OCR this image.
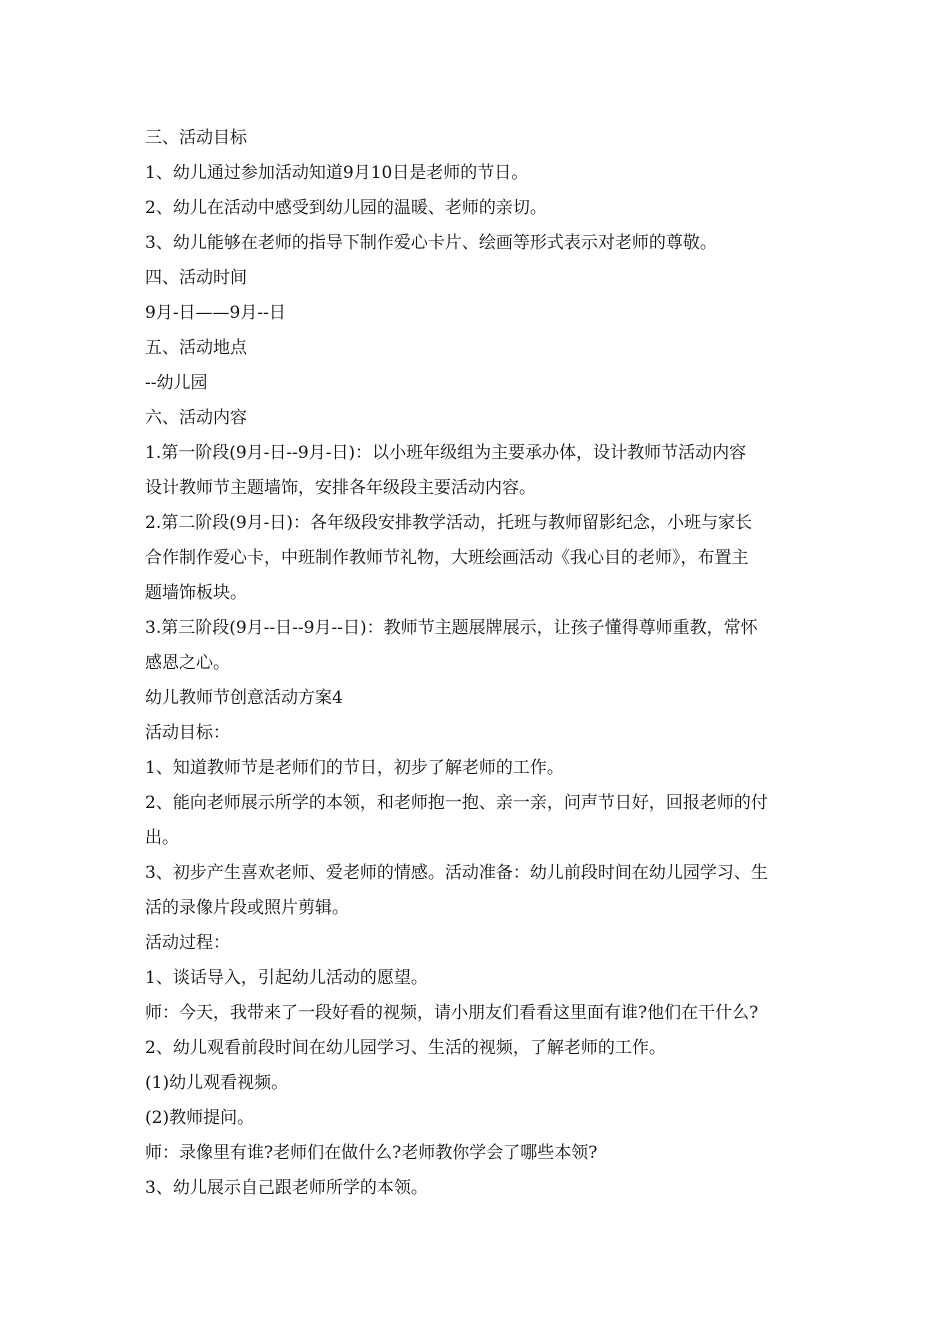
三、活动目标
1、幼儿通过参加活动知道9月10日是老师的节日。
2、幼儿在活动中感受到幼儿园的温暖、老师的亲切。
3、幼儿能够在老师的指导下制作爱心卡片、绘画等形式表示对老师的尊敬。
四、活动时间
9月-日——9月--日
五、活动地点
--幼儿园
六、活动内容
1.第一阶段(9月-日--9月-日)：以小班年级组为主要承办体，设计教师节活动内容
设计教师节主题墙饰，安排各年级段主要活动内容。
2.第二阶段(9月-日)：各年级段安排教学活动，托班与教师留影纪念，小班与家长
合作制作爱心卡，中班制作教师节礼物，大班绘画活动《我心目的老师》，布置主
题墙饰板块。
3.第三阶段(9月--日--9月--日)：教师节主题展牌展示，让孩子懂得尊师重教，常怀
感恩之心。
幼儿教师节创意活动方案4
活动目标：
1、知道教师节是老师们的节日，初步了解老师的工作。
2、能向老师展示所学的本领，和老师抱一抱、亲一亲，问声节日好，回报老师的付
出。
3、初步产生喜欢老师、爱老师的情感。活动准备：幼儿前段时间在幼儿园学习、生
活的录像片段或照片剪辑。
活动过程：
1、谈话导入，引起幼儿活动的愿望。
师：今天，我带来了一段好看的视频，请小朋友们看看这里面有谁?他们在干什么?
2、幼儿观看前段时间在幼儿园学习、生活的视频，了解老师的工作。
(1)幼儿观看视频。
(2)教师提问。
师：录像里有谁?老师们在做什么?老师教你学会了哪些本领?
3、幼儿展示自己跟老师所学的本领。
